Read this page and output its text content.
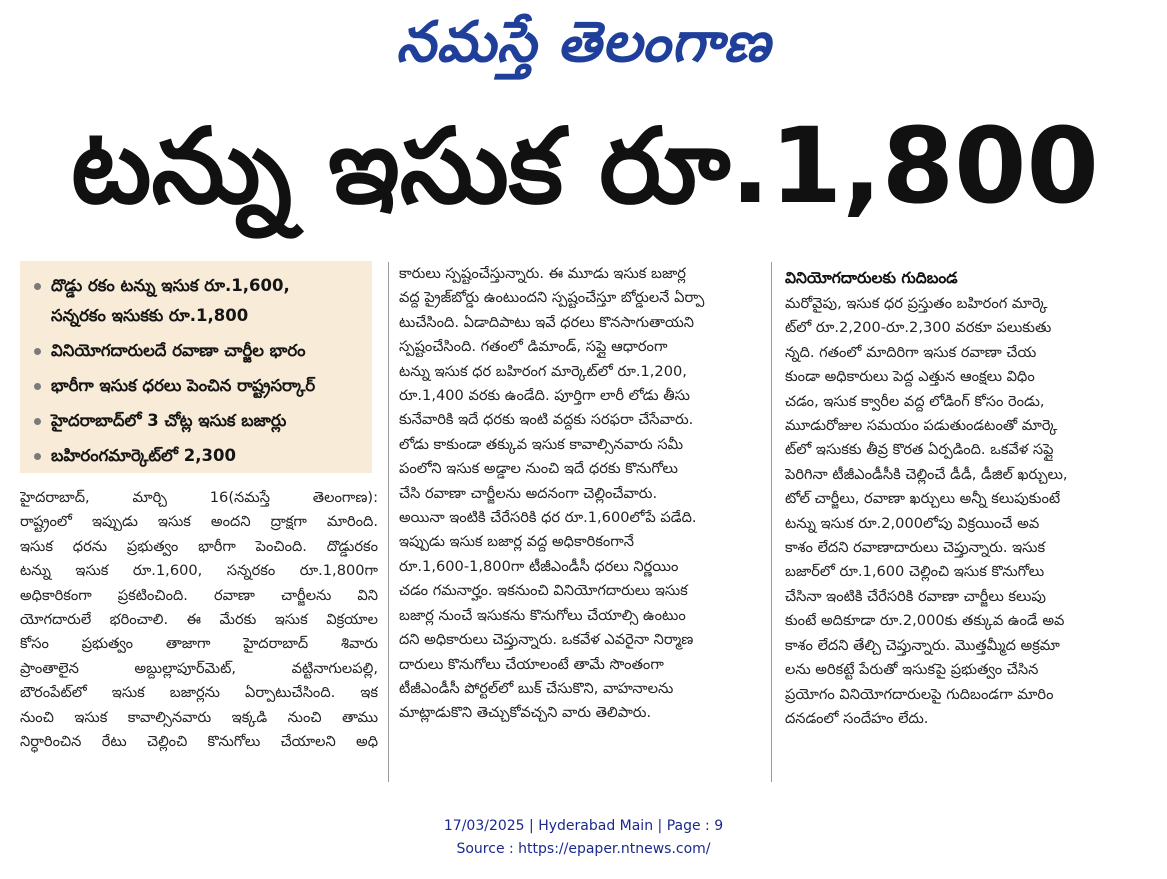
నమస్తే తెలంగాణ
టన్ను ఇసుక రూ.1,800
దొడ్డు రకం టన్ను ఇసుక రూ.1,600,
సన్నరకం ఇసుకకు రూ.1,800
వినియోగదారులదే రవాణా చార్జీల భారం
భారీగా ఇసుక ధరలు పెంచిన రాష్ట్రసర్కార్
హైదరాబాద్‌లో 3 చోట్ల ఇసుక బజార్లు
బహిరంగమార్కెట్‌లో 2,300
హైదరాబాద్, మార్చి 16(నమస్తే తెలంగాణ):
రాష్ట్రంలో ఇప్పుడు ఇసుక అందని ద్రాక్షగా మారింది.
ఇసుక ధరను ప్రభుత్వం భారీగా పెంచింది. దొడ్డురకం
టన్ను ఇసుక రూ.1,600, సన్నరకం రూ.1,800గా
అధికారికంగా ప్రకటించింది. రవాణా చార్జీలను విని
యోగదారులే భరించాలి. ఈ మేరకు ఇసుక విక్రయాల
కోసం ప్రభుత్వం తాజాగా హైదరాబాద్ శివారు
ప్రాంతాలైన అబ్దుల్లాపూర్‌మెట్, వట్టినాగులపల్లి,
బౌరంపేట్‌లో ఇసుక బజార్లను ఏర్పాటుచేసింది. ఇక
నుంచి ఇసుక కావాల్సినవారు ఇక్కడి నుంచి తాము
నిర్ధారించిన రేటు చెల్లించి కొనుగోలు చేయాలని అధి
కారులు స్పష్టంచేస్తున్నారు. ఈ మూడు ఇసుక బజార్ల
వద్ద ప్రైజ్‌బోర్డు ఉంటుందని స్పష్టంచేస్తూ బోర్డులనే ఏర్పా
టుచేసింది. ఏడాదిపాటు ఇవే ధరలు కొనసాగుతాయని
స్పష్టంచేసింది. గతంలో డిమాండ్, సప్లై ఆధారంగా
టన్ను ఇసుక ధర బహిరంగ మార్కెట్‌లో రూ.1,200,
రూ.1,400 వరకు ఉండేది. పూర్తిగా లారీ లోడు తీసు
కునేవారికి ఇదే ధరకు ఇంటి వద్దకు సరఫరా చేసేవారు.
లోడు కాకుండా తక్కువ ఇసుక కావాల్సినవారు సమీ
పంలోని ఇసుక అడ్డాల నుంచి ఇదే ధరకు కొనుగోలు
చేసి రవాణా చార్జీలను అదనంగా చెల్లించేవారు.
అయినా ఇంటికి చేరేసరికి ధర రూ.1,600లోపే పడేది.
ఇప్పుడు ఇసుక బజార్ల వద్ద అధికారికంగానే
రూ.1,600-1,800గా టీజీఎండీసీ ధరలు నిర్ణయిం
చడం గమనార్హం. ఇకనుంచి వినియోగదారులు ఇసుక
బజార్ల నుంచే ఇసుకను కొనుగోలు చేయాల్సి ఉంటుం
దని అధికారులు చెప్తున్నారు. ఒకవేళ ఎవరైనా నిర్మాణ
దారులు కొనుగోలు చేయాలంటే తామే సొంతంగా
టీజీఎండీసీ పోర్టల్‌లో బుక్ చేసుకొని, వాహనాలను
మాట్లాడుకొని తెచ్చుకోవచ్చని వారు తెలిపారు.
వినియోగదారులకు గుదిబండ
మరోవైపు, ఇసుక ధర ప్రస్తుతం బహిరంగ మార్కె
ట్‌లో రూ.2,200-రూ.2,300 వరకూ పలుకుతు
న్నది. గతంలో మాదిరిగా ఇసుక రవాణా చేయ
కుండా అధికారులు పెద్ద ఎత్తున ఆంక్షలు విధిం
చడం, ఇసుక క్వారీల వద్ద లోడింగ్ కోసం రెండు,
మూడురోజుల సమయం పడుతుండటంతో మార్కె
ట్‌లో ఇసుకకు తీవ్ర కొరత ఏర్పడింది. ఒకవేళ సప్లై
పెరిగినా టీజీఎండీసీకి చెల్లించే డీడీ, డీజిల్ ఖర్చులు,
టోల్ చార్జీలు, రవాణా ఖర్చులు అన్నీ కలుపుకుంటే
టన్ను ఇసుక రూ.2,000లోపు విక్రయించే అవ
కాశం లేదని రవాణాదారులు చెప్తున్నారు. ఇసుక
బజార్‌లో రూ.1,600 చెల్లించి ఇసుక కొనుగోలు
చేసినా ఇంటికి చేరేసరికి రవాణా చార్జీలు కలుపు
కుంటే అదికూడా రూ.2,000కు తక్కువ ఉండే అవ
కాశం లేదని తేల్చి చెప్తున్నారు. మొత్తమ్మీద అక్రమా
లను అరికట్టే పేరుతో ఇసుకపై ప్రభుత్వం చేసిన
ప్రయోగం వినియోగదారులపై గుదిబండగా మారిం
దనడంలో సందేహం లేదు.
17/03/2025 | Hyderabad Main | Page : 9
Source : https://epaper.ntnews.com/
